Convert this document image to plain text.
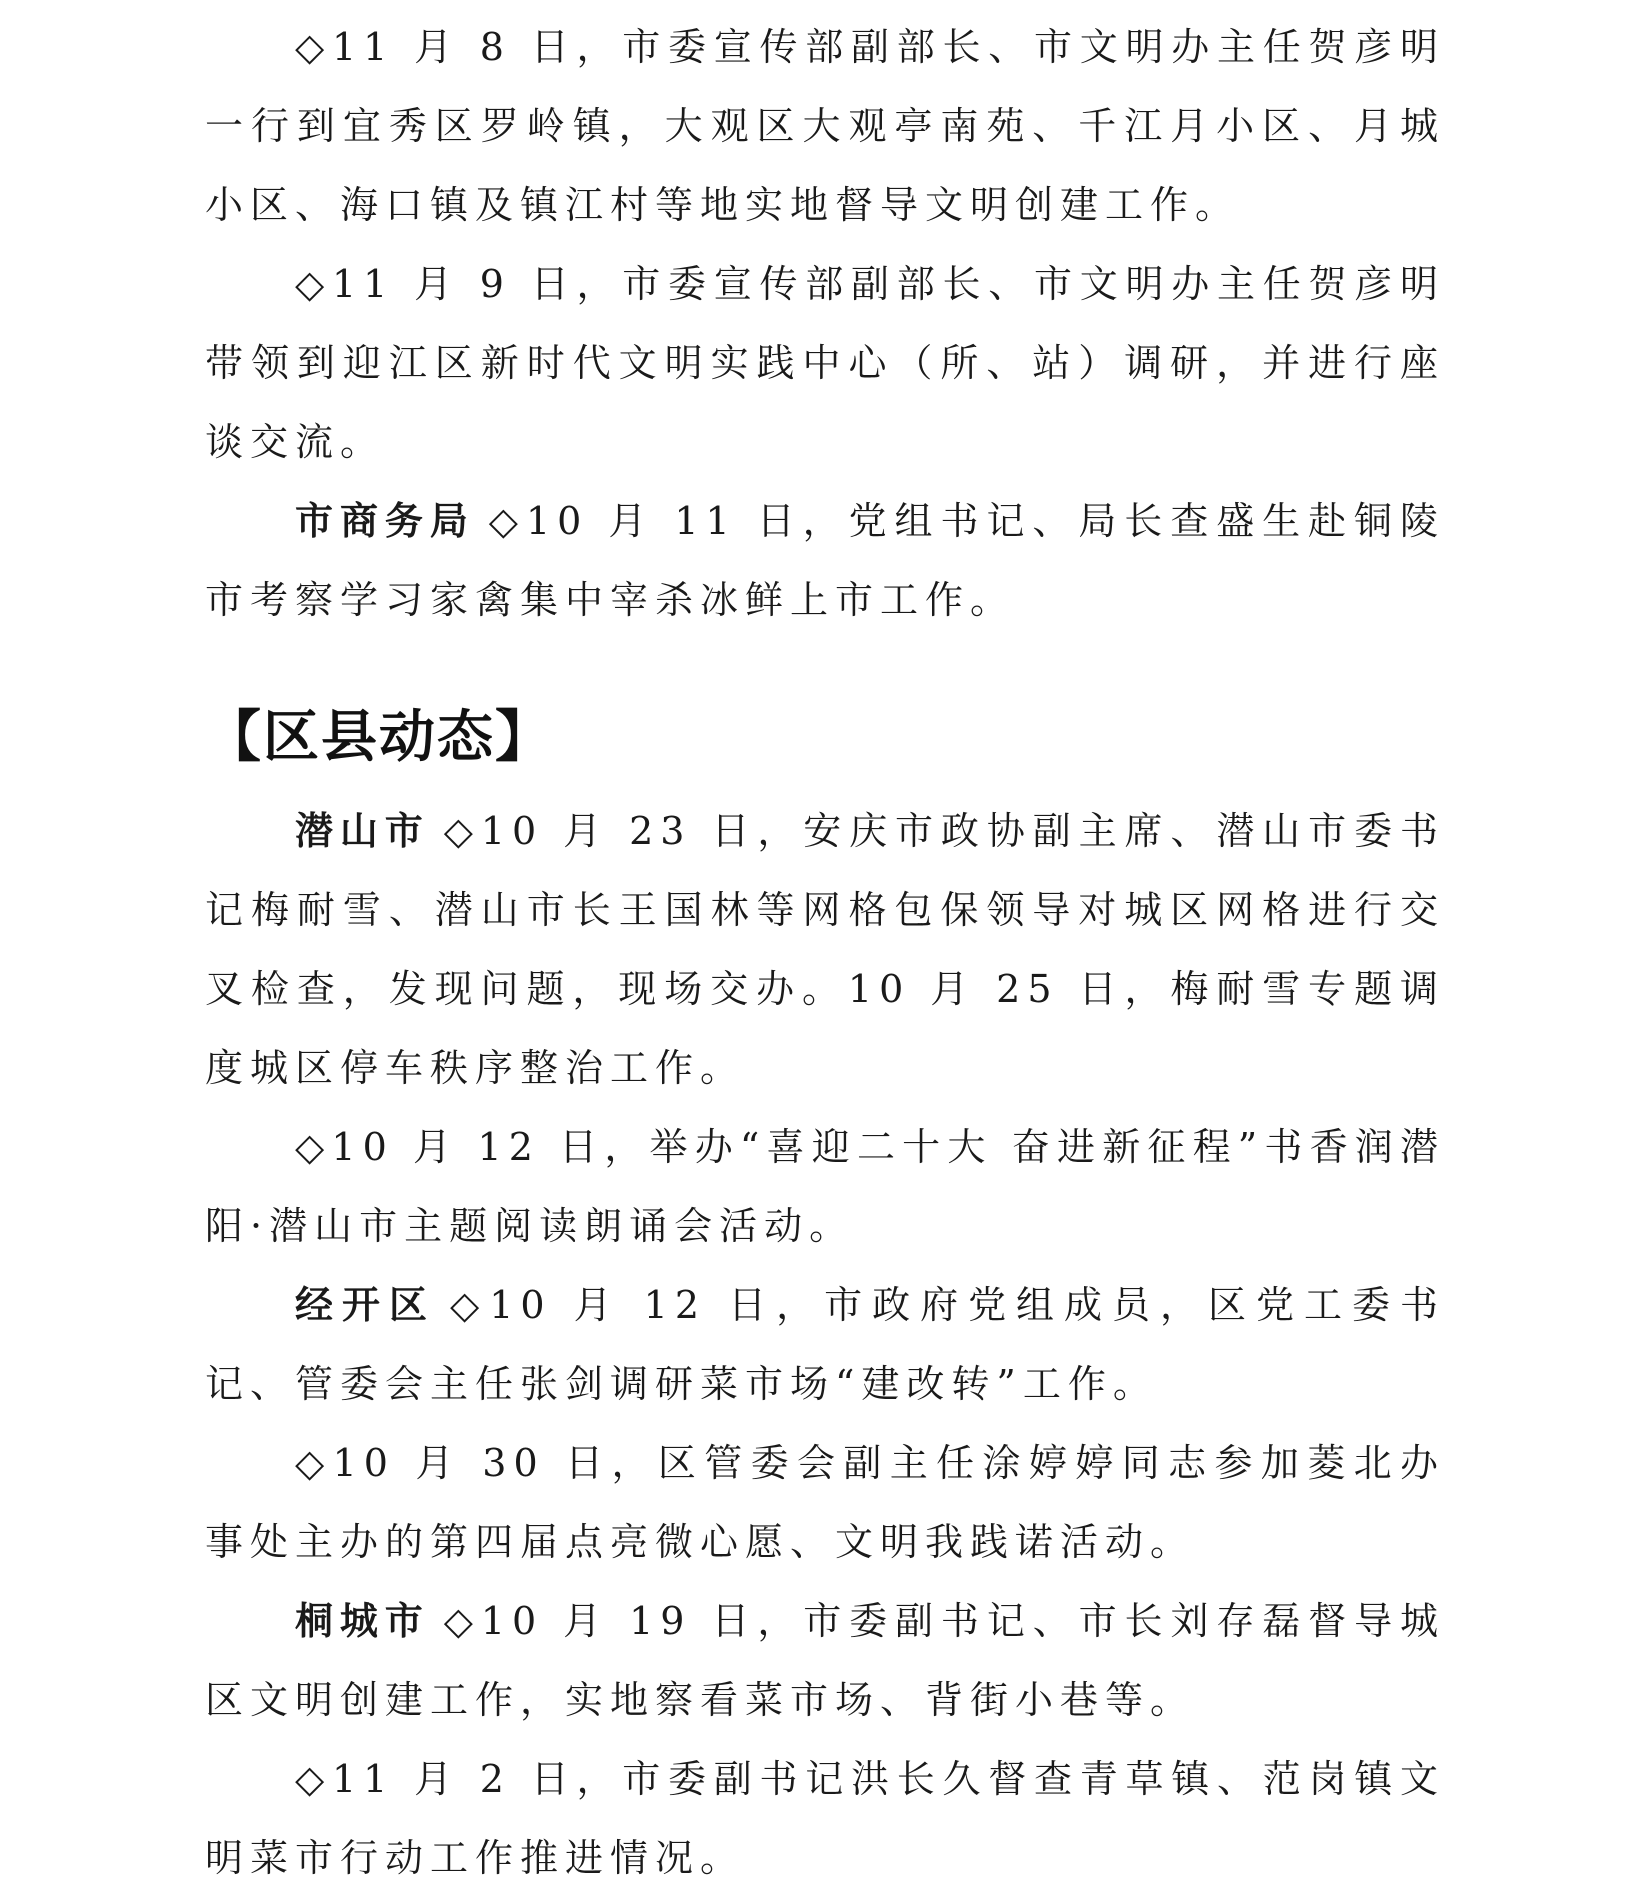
◇11 月 8 日，市委宣传部副部长、市文明办主任贺彦明一行到宜秀区罗岭镇，大观区大观亭南苑、千江月小区、月城小区、海口镇及镇江村等地实地督导文明创建工作。

◇11 月 9 日，市委宣传部副部长、市文明办主任贺彦明带领到迎江区新时代文明实践中心（所、站）调研，并进行座谈交流。

市商务局 ◇10 月 11 日，党组书记、局长查盛生赴铜陵市考察学习家禽集中宰杀冰鲜上市工作。

【区县动态】

潜山市 ◇10 月 23 日，安庆市政协副主席、潜山市委书记梅耐雪、潜山市长王国林等网格包保领导对城区网格进行交叉检查，发现问题，现场交办。10 月 25 日，梅耐雪专题调度城区停车秩序整治工作。

◇10 月 12 日，举办“喜迎二十大 奋进新征程”书香润潜阳·潜山市主题阅读朗诵会活动。

经开区 ◇10 月 12 日，市政府党组成员，区党工委书记、管委会主任张剑调研菜市场“建改转”工作。

◇10 月 30 日，区管委会副主任涂婷婷同志参加菱北办事处主办的第四届点亮微心愿、文明我践诺活动。

桐城市 ◇10 月 19 日，市委副书记、市长刘存磊督导城区文明创建工作，实地察看菜市场、背街小巷等。

◇11 月 2 日，市委副书记洪长久督查青草镇、范岗镇文明菜市行动工作推进情况。
